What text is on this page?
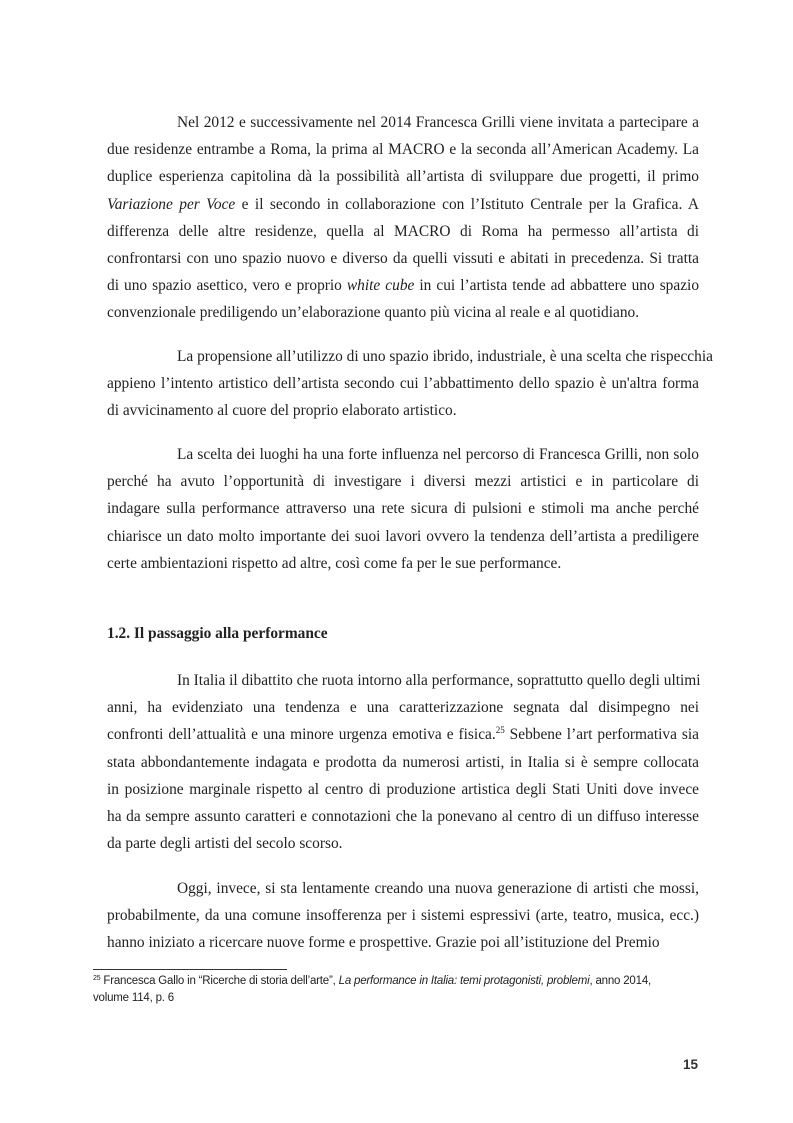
Nel 2012 e successivamente nel 2014 Francesca Grilli viene invitata a partecipare a
due residenze entrambe a Roma, la prima al MACRO e la seconda all’American Academy. La
duplice esperienza capitolina dà la possibilità all’artista di sviluppare due progetti, il primo
Variazione per Voce e il secondo in collaborazione con l’Istituto Centrale per la Grafica. A
differenza delle altre residenze, quella al MACRO di Roma ha permesso all’artista di
confrontarsi con uno spazio nuovo e diverso da quelli vissuti e abitati in precedenza. Si tratta
di uno spazio asettico, vero e proprio white cube in cui l’artista tende ad abbattere uno spazio
convenzionale prediligendo un’elaborazione quanto più vicina al reale e al quotidiano.
La propensione all’utilizzo di uno spazio ibrido, industriale, è una scelta che rispecchia
appieno l’intento artistico dell’artista secondo cui l’abbattimento dello spazio è un'altra forma
di avvicinamento al cuore del proprio elaborato artistico.
La scelta dei luoghi ha una forte influenza nel percorso di Francesca Grilli, non solo
perché ha avuto l’opportunità di investigare i diversi mezzi artistici e in particolare di
indagare sulla performance attraverso una rete sicura di pulsioni e stimoli ma anche perché
chiarisce un dato molto importante dei suoi lavori ovvero la tendenza dell’artista a prediligere
certe ambientazioni rispetto ad altre, così come fa per le sue performance.
1.2. Il passaggio alla performance
In Italia il dibattito che ruota intorno alla performance, soprattutto quello degli ultimi
anni, ha evidenziato una tendenza e una caratterizzazione segnata dal disimpegno nei
confronti dell’attualità e una minore urgenza emotiva e fisica.$^{25}$ Sebbene l’art performativa sia
stata abbondantemente indagata e prodotta da numerosi artisti, in Italia si è sempre collocata
in posizione marginale rispetto al centro di produzione artistica degli Stati Uniti dove invece
ha da sempre assunto caratteri e connotazioni che la ponevano al centro di un diffuso interesse
da parte degli artisti del secolo scorso.
Oggi, invece, si sta lentamente creando una nuova generazione di artisti che mossi,
probabilmente, da una comune insofferenza per i sistemi espressivi (arte, teatro, musica, ecc.)
hanno iniziato a ricercare nuove forme e prospettive. Grazie poi all’istituzione del Premio
$^{25}$ Francesca Gallo in “Ricerche di storia dell’arte”, La performance in Italia: temi protagonisti, problemi, anno 2014,
volume 114, p. 6
15
